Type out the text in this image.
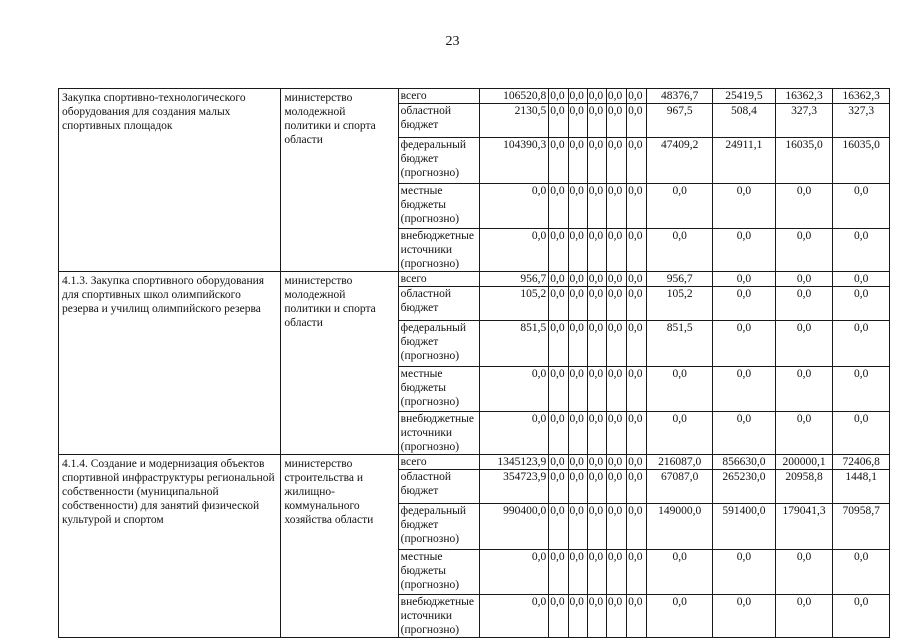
23
Закупка спортивно-технологического оборудования для создания малых спортивных площадок	министерство молодежной политики и спорта области	всего	106520,8	0,0	0,0	0,0	0,0	0,0	48376,7	25419,5	16362,3	16362,3
		областной бюджет	2130,5	0,0	0,0	0,0	0,0	0,0	967,5	508,4	327,3	327,3
		федеральный бюджет (прогнозно)	104390,3	0,0	0,0	0,0	0,0	0,0	47409,2	24911,1	16035,0	16035,0
		местные бюджеты (прогнозно)	0,0	0,0	0,0	0,0	0,0	0,0	0,0	0,0	0,0	0,0
		внебюджетные источники (прогнозно)	0,0	0,0	0,0	0,0	0,0	0,0	0,0	0,0	0,0	0,0
4.1.3. Закупка спортивного оборудования для спортивных школ олимпийского резерва и училищ олимпийского резерва	министерство молодежной политики и спорта области	всего	956,7	0,0	0,0	0,0	0,0	0,0	956,7	0,0	0,0	0,0
		областной бюджет	105,2	0,0	0,0	0,0	0,0	0,0	105,2	0,0	0,0	0,0
		федеральный бюджет (прогнозно)	851,5	0,0	0,0	0,0	0,0	0,0	851,5	0,0	0,0	0,0
		местные бюджеты (прогнозно)	0,0	0,0	0,0	0,0	0,0	0,0	0,0	0,0	0,0	0,0
		внебюджетные источники (прогнозно)	0,0	0,0	0,0	0,0	0,0	0,0	0,0	0,0	0,0	0,0
4.1.4. Создание и модернизация объектов спортивной инфраструктуры региональной собственности (муниципальной собственности) для занятий физической культурой и спортом	министерство строительства и жилищно-коммунального хозяйства области	всего	1345123,9	0,0	0,0	0,0	0,0	0,0	216087,0	856630,0	200000,1	72406,8
		областной бюджет	354723,9	0,0	0,0	0,0	0,0	0,0	67087,0	265230,0	20958,8	1448,1
		федеральный бюджет (прогнозно)	990400,0	0,0	0,0	0,0	0,0	0,0	149000,0	591400,0	179041,3	70958,7
		местные бюджеты (прогнозно)	0,0	0,0	0,0	0,0	0,0	0,0	0,0	0,0	0,0	0,0
		внебюджетные источники (прогнозно)	0,0	0,0	0,0	0,0	0,0	0,0	0,0	0,0	0,0	0,0
